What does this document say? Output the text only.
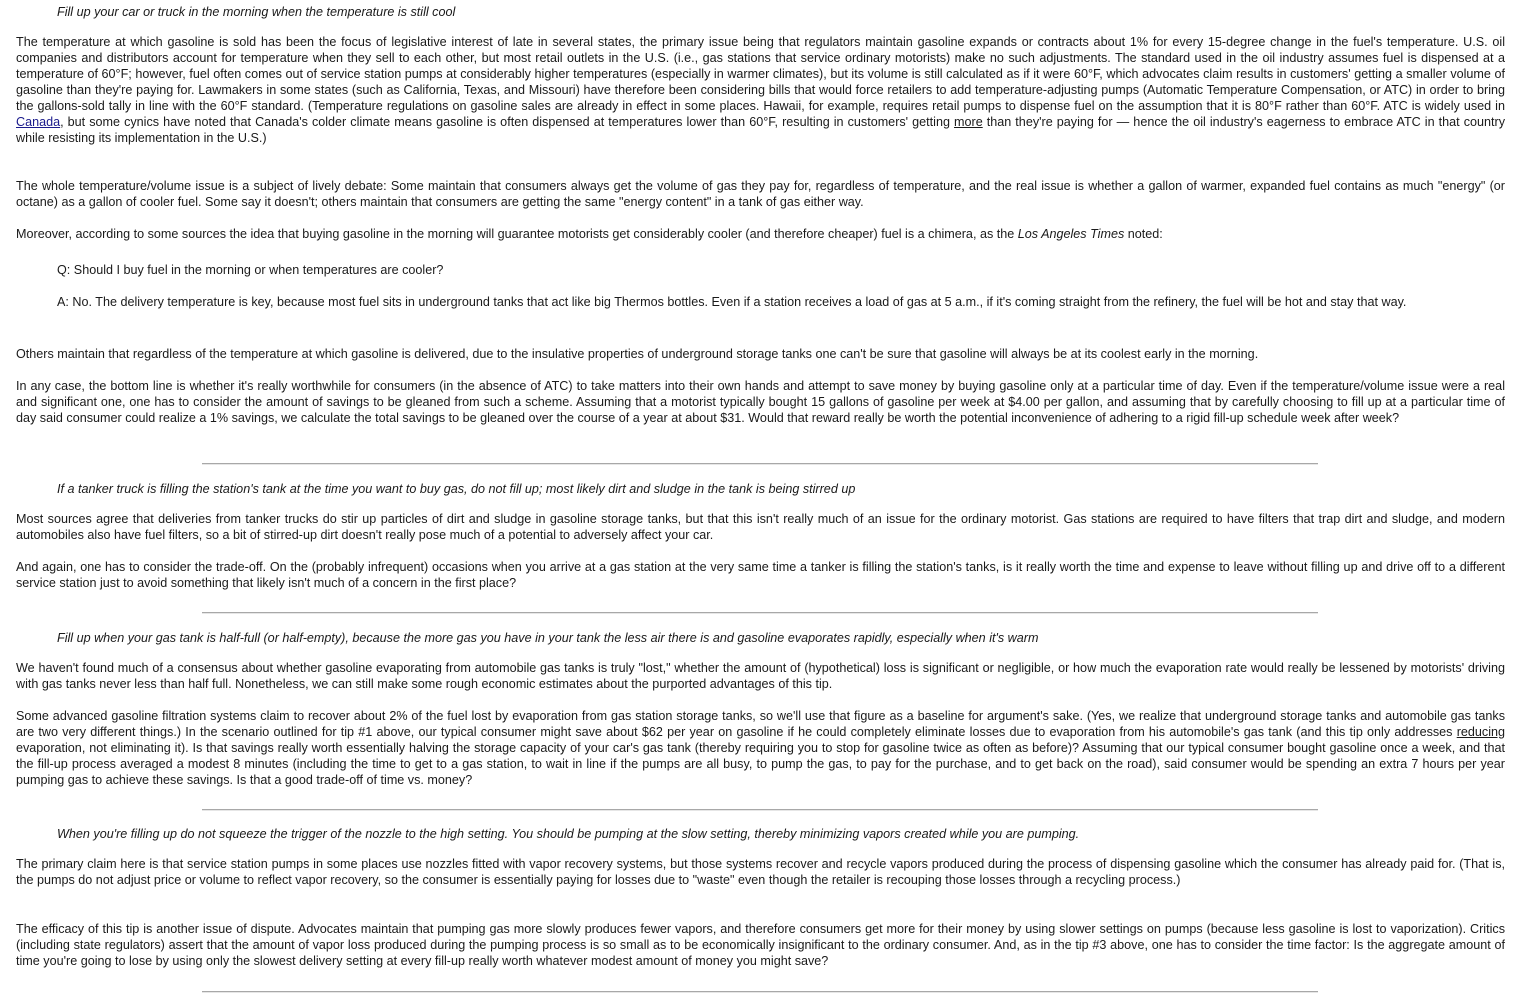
Fill up your car or truck in the morning when the temperature is still cool
The temperature at which gasoline is sold has been the focus of legislative interest of late in several states, the primary issue being that regulators maintain gasoline expands or contracts about 1% for every 15-degree change in the fuel's temperature. U.S. oil companies and distributors account for temperature when they sell to each other, but most retail outlets in the U.S. (i.e., gas stations that service ordinary motorists) make no such adjustments. The standard used in the oil industry assumes fuel is dispensed at a temperature of 60°F; however, fuel often comes out of service station pumps at considerably higher temperatures (especially in warmer climates), but its volume is still calculated as if it were 60°F, which advocates claim results in customers' getting a smaller volume of gasoline than they're paying for. Lawmakers in some states (such as California, Texas, and Missouri) have therefore been considering bills that would force retailers to add temperature-adjusting pumps (Automatic Temperature Compensation, or ATC) in order to bring the gallons-sold tally in line with the 60°F standard. (Temperature regulations on gasoline sales are already in effect in some places. Hawaii, for example, requires retail pumps to dispense fuel on the assumption that it is 80°F rather than 60°F. ATC is widely used in Canada, but some cynics have noted that Canada's colder climate means gasoline is often dispensed at temperatures lower than 60°F, resulting in customers' getting more than they're paying for — hence the oil industry's eagerness to embrace ATC in that country while resisting its implementation in the U.S.)
The whole temperature/volume issue is a subject of lively debate: Some maintain that consumers always get the volume of gas they pay for, regardless of temperature, and the real issue is whether a gallon of warmer, expanded fuel contains as much "energy" (or octane) as a gallon of cooler fuel. Some say it doesn't; others maintain that consumers are getting the same "energy content" in a tank of gas either way.
Moreover, according to some sources the idea that buying gasoline in the morning will guarantee motorists get considerably cooler (and therefore cheaper) fuel is a chimera, as the Los Angeles Times noted:
Q: Should I buy fuel in the morning or when temperatures are cooler?
A: No. The delivery temperature is key, because most fuel sits in underground tanks that act like big Thermos bottles. Even if a station receives a load of gas at 5 a.m., if it's coming straight from the refinery, the fuel will be hot and stay that way.
Others maintain that regardless of the temperature at which gasoline is delivered, due to the insulative properties of underground storage tanks one can't be sure that gasoline will always be at its coolest early in the morning.
In any case, the bottom line is whether it's really worthwhile for consumers (in the absence of ATC) to take matters into their own hands and attempt to save money by buying gasoline only at a particular time of day. Even if the temperature/volume issue were a real and significant one, one has to consider the amount of savings to be gleaned from such a scheme. Assuming that a motorist typically bought 15 gallons of gasoline per week at $4.00 per gallon, and assuming that by carefully choosing to fill up at a particular time of day said consumer could realize a 1% savings, we calculate the total savings to be gleaned over the course of a year at about $31. Would that reward really be worth the potential inconvenience of adhering to a rigid fill-up schedule week after week?
If a tanker truck is filling the station's tank at the time you want to buy gas, do not fill up; most likely dirt and sludge in the tank is being stirred up
Most sources agree that deliveries from tanker trucks do stir up particles of dirt and sludge in gasoline storage tanks, but that this isn't really much of an issue for the ordinary motorist. Gas stations are required to have filters that trap dirt and sludge, and modern automobiles also have fuel filters, so a bit of stirred-up dirt doesn't really pose much of a potential to adversely affect your car.
And again, one has to consider the trade-off. On the (probably infrequent) occasions when you arrive at a gas station at the very same time a tanker is filling the station's tanks, is it really worth the time and expense to leave without filling up and drive off to a different service station just to avoid something that likely isn't much of a concern in the first place?
Fill up when your gas tank is half-full (or half-empty), because the more gas you have in your tank the less air there is and gasoline evaporates rapidly, especially when it's warm
We haven't found much of a consensus about whether gasoline evaporating from automobile gas tanks is truly "lost," whether the amount of (hypothetical) loss is significant or negligible, or how much the evaporation rate would really be lessened by motorists' driving with gas tanks never less than half full. Nonetheless, we can still make some rough economic estimates about the purported advantages of this tip.
Some advanced gasoline filtration systems claim to recover about 2% of the fuel lost by evaporation from gas station storage tanks, so we'll use that figure as a baseline for argument's sake. (Yes, we realize that underground storage tanks and automobile gas tanks are two very different things.) In the scenario outlined for tip #1 above, our typical consumer might save about $62 per year on gasoline if he could completely eliminate losses due to evaporation from his automobile's gas tank (and this tip only addresses reducing evaporation, not eliminating it). Is that savings really worth essentially halving the storage capacity of your car's gas tank (thereby requiring you to stop for gasoline twice as often as before)? Assuming that our typical consumer bought gasoline once a week, and that the fill-up process averaged a modest 8 minutes (including the time to get to a gas station, to wait in line if the pumps are all busy, to pump the gas, to pay for the purchase, and to get back on the road), said consumer would be spending an extra 7 hours per year pumping gas to achieve these savings. Is that a good trade-off of time vs. money?
When you're filling up do not squeeze the trigger of the nozzle to the high setting. You should be pumping at the slow setting, thereby minimizing vapors created while you are pumping.
The primary claim here is that service station pumps in some places use nozzles fitted with vapor recovery systems, but those systems recover and recycle vapors produced during the process of dispensing gasoline which the consumer has already paid for. (That is, the pumps do not adjust price or volume to reflect vapor recovery, so the consumer is essentially paying for losses due to "waste" even though the retailer is recouping those losses through a recycling process.)
The efficacy of this tip is another issue of dispute. Advocates maintain that pumping gas more slowly produces fewer vapors, and therefore consumers get more for their money by using slower settings on pumps (because less gasoline is lost to vaporization). Critics (including state regulators) assert that the amount of vapor loss produced during the pumping process is so small as to be economically insignificant to the ordinary consumer. And, as in the tip #3 above, one has to consider the time factor: Is the aggregate amount of time you're going to lose by using only the slowest delivery setting at every fill-up really worth whatever modest amount of money you might save?
